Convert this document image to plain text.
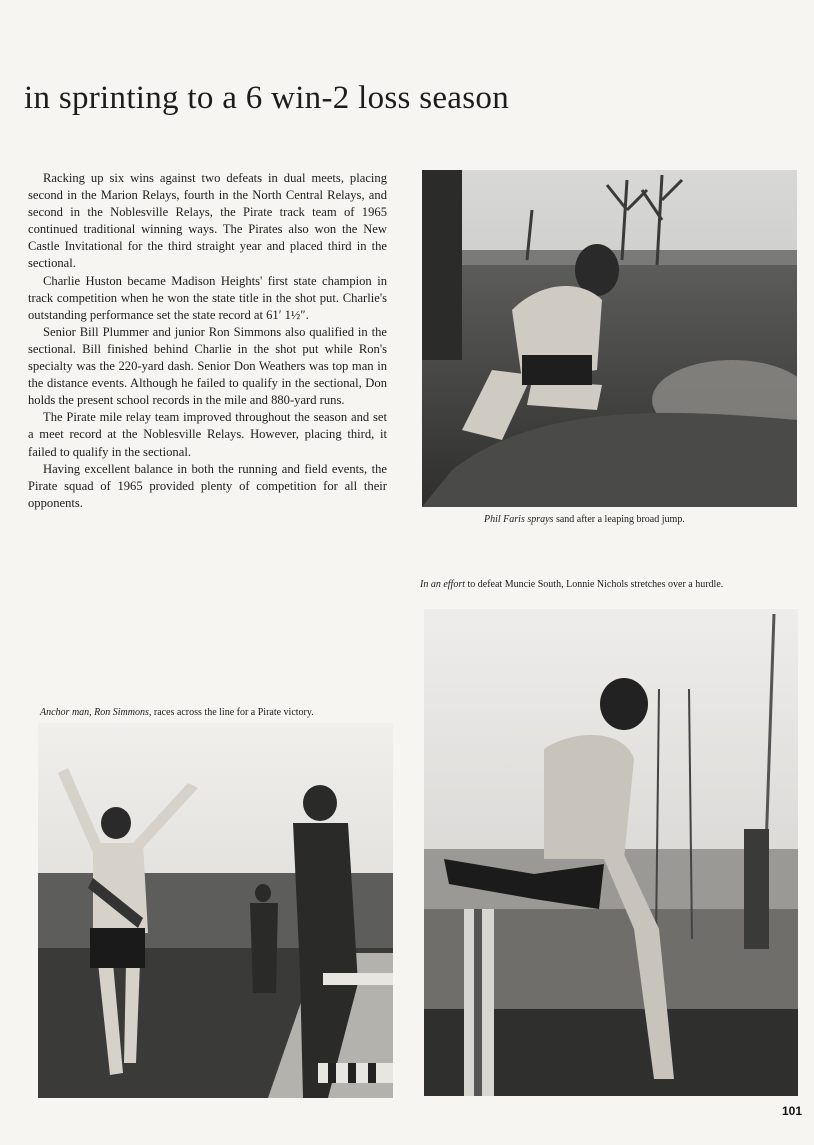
in sprinting to a 6 win-2 loss season

Racking up six wins against two defeats in dual meets, placing second in the Marion Relays, fourth in the North Central Relays, and second in the Noblesville Relays, the Pirate track team of 1965 continued traditional winning ways. The Pirates also won the New Castle Invitational for the third straight year and placed third in the sectional.

Charlie Huston became Madison Heights' first state champion in track competition when he won the state title in the shot put. Charlie's outstanding performance set the state record at 61′ 1½″.

Senior Bill Plummer and junior Ron Simmons also qualified in the sectional. Bill finished behind Charlie in the shot put while Ron's specialty was the 220-yard dash. Senior Don Weathers was top man in the distance events. Although he failed to qualify in the sectional, Don holds the present school records in the mile and 880-yard runs.

The Pirate mile relay team improved throughout the season and set a meet record at the Noblesville Relays. However, placing third, it failed to qualify in the sectional.

Having excellent balance in both the running and field events, the Pirate squad of 1965 provided plenty of competition for all their opponents.

Phil Faris sprays sand after a leaping broad jump.
In an effort to defeat Muncie South, Lonnie Nichols stretches over a hurdle.
Anchor man, Ron Simmons, races across the line for a Pirate victory.
101
